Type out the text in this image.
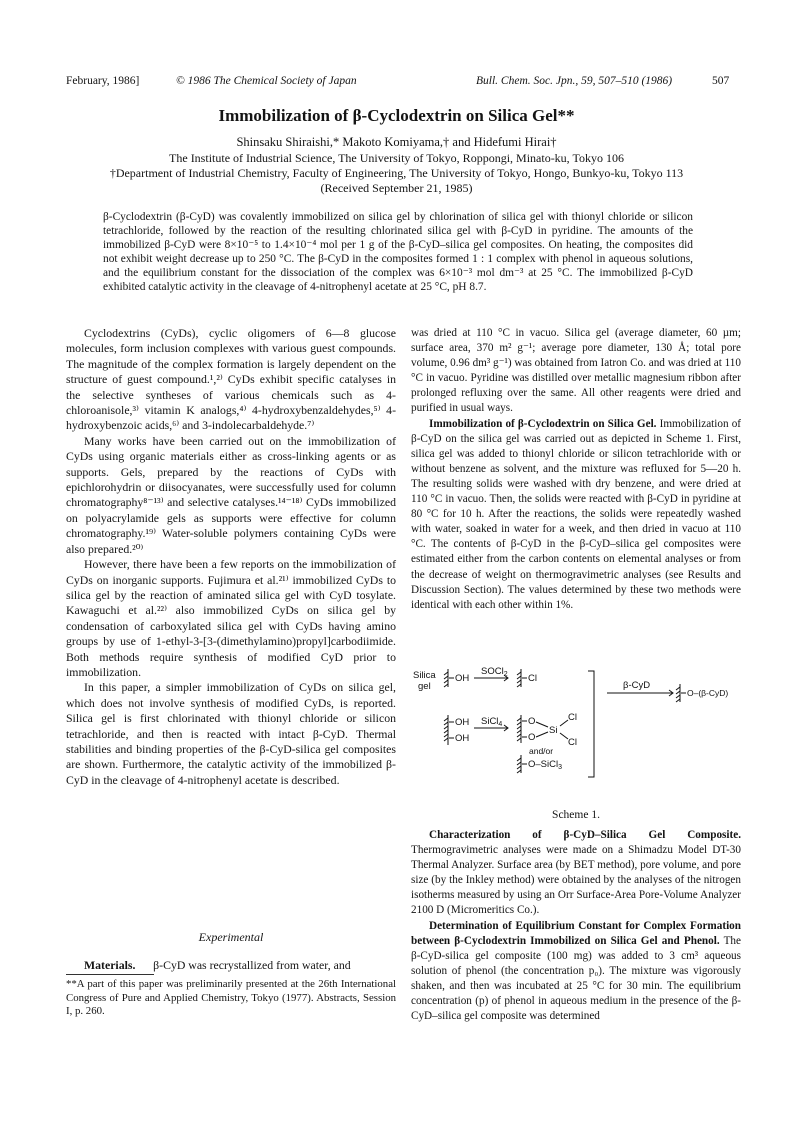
February, 1986]	© 1986 The Chemical Society of Japan	Bull. Chem. Soc. Jpn., 59, 507–510 (1986)	507
Immobilization of β-Cyclodextrin on Silica Gel**
Shinsaku Shiraishi,* Makoto Komiyama,† and Hidefumi Hirai†
The Institute of Industrial Science, The University of Tokyo, Roppongi, Minato-ku, Tokyo 106
†Department of Industrial Chemistry, Faculty of Engineering, The University of Tokyo, Hongo, Bunkyo-ku, Tokyo 113
(Received September 21, 1985)

β-Cyclodextrin (β-CyD) was covalently immobilized on silica gel by chlorination of silica gel with thionyl chloride or silicon tetrachloride, followed by the reaction of the resulting chlorinated silica gel with β-CyD in pyridine. The amounts of the immobilized β-CyD were 8×10⁻⁵ to 1.4×10⁻⁴ mol per 1 g of the β-CyD–silica gel composites. On heating, the composites did not exhibit weight decrease up to 250 °C. The β-CyD in the composites formed 1 : 1 complex with phenol in aqueous solutions, and the equilibrium constant for the dissociation of the complex was 6×10⁻³ mol dm⁻³ at 25 °C. The immobilized β-CyD exhibited catalytic activity in the cleavage of 4-nitrophenyl acetate at 25 °C, pH 8.7.

Cyclodextrins (CyDs), cyclic oligomers of 6—8 glucose molecules, form inclusion complexes with various guest compounds. The magnitude of the complex formation is largely dependent on the structure of guest compound.¹,²⁾ CyDs exhibit specific catalyses in the selective syntheses of various chemicals such as 4-chloroanisole,³⁾ vitamin K analogs,⁴⁾ 4-hydroxybenzaldehydes,⁵⁾ 4-hydroxybenzoic acids,⁶⁾ and 3-indolecarbaldehyde.⁷⁾

Many works have been carried out on the immobilization of CyDs using organic materials either as cross-linking agents or as supports. Gels, prepared by the reactions of CyDs with epichlorohydrin or diisocyanates, were successfully used for column chromatography⁸⁻¹³⁾ and selective catalyses.¹⁴⁻¹⁸⁾ CyDs immobilized on polyacrylamide gels as supports were effective for column chromatography.¹⁹⁾ Water-soluble polymers containing CyDs were also prepared.²⁰⁾

However, there have been a few reports on the immobilization of CyDs on inorganic supports. Fujimura et al.²¹⁾ immobilized CyDs to silica gel by the reaction of aminated silica gel with CyD tosylate. Kawaguchi et al.²²⁾ also immobilized CyDs on silica gel by condensation of carboxylated silica gel with CyDs having amino groups by use of 1-ethyl-3-[3-(dimethylamino)propyl]carbodiimide. Both methods require synthesis of modified CyD prior to immobilization.

In this paper, a simpler immobilization of CyDs on silica gel, which does not involve synthesis of modified CyDs, is reported. Silica gel is first chlorinated with thionyl chloride or silicon tetrachloride, and then is reacted with intact β-CyD. Thermal stabilities and binding properties of the β-CyD-silica gel composites are shown. Furthermore, the catalytic activity of the immobilized β-CyD in the cleavage of 4-nitrophenyl acetate is described.

Experimental

Materials. β-CyD was recrystallized from water, and

**A part of this paper was preliminarily presented at the 26th International Congress of Pure and Applied Chemistry, Tokyo (1977). Abstracts, Session I, p. 260.

was dried at 110 °C in vacuo. Silica gel (average diameter, 60 µm; surface area, 370 m² g⁻¹; average pore diameter, 130 Å; total pore volume, 0.96 dm³ g⁻¹) was obtained from Iatron Co. and was dried at 110 °C in vacuo. Pyridine was distilled over metallic magnesium ribbon after prolonged refluxing over the same. All other reagents were dried and purified in usual ways.

Immobilization of β-Cyclodextrin on Silica Gel. Immobilization of β-CyD on the silica gel was carried out as depicted in Scheme 1. First, silica gel was added to thionyl chloride or silicon tetrachloride with or without benzene as solvent, and the mixture was refluxed for 5—20 h. The resulting solids were washed with dry benzene, and were dried at 110 °C in vacuo. Then, the solids were reacted with β-CyD in pyridine at 80 °C for 10 h. After the reactions, the solids were repeatedly washed with water, soaked in water for a week, and then dried in vacuo at 110 °C. The contents of β-CyD in the β-CyD–silica gel composites were estimated either from the carbon contents on elemental analyses or from the decrease of weight on thermogravimetric analyses (see Results and Discussion Section). The values determined by these two methods were identical with each other within 1%.

Silica
gel
OH
SOCl$_2$ Cl
OH
OH
SiCl$_4$	O
O
Si
Cl
Cl
and/or
O–SiCl$_3$
β-CyD
O–(β-CyD)
Scheme 1.

Characterization of β-CyD–Silica Gel Composite. Thermogravimetric analyses were made on a Shimadzu Model DT-30 Thermal Analyzer. Surface area (by BET method), pore volume, and pore size (by the Inkley method) were obtained by the analyses of the nitrogen isotherms measured by using an Orr Surface-Area Pore-Volume Analyzer 2100 D (Micromeritics Co.).

Determination of Equilibrium Constant for Complex Formation between β-Cyclodextrin Immobilized on Silica Gel and Phenol. The β-CyD-silica gel composite (100 mg) was added to 3 cm³ aqueous solution of phenol (the concentration p₀). The mixture was vigorously shaken, and then was incubated at 25 °C for 30 min. The equilibrium concentration (p) of phenol in aqueous medium in the presence of the β-CyD–silica gel composite was determined
